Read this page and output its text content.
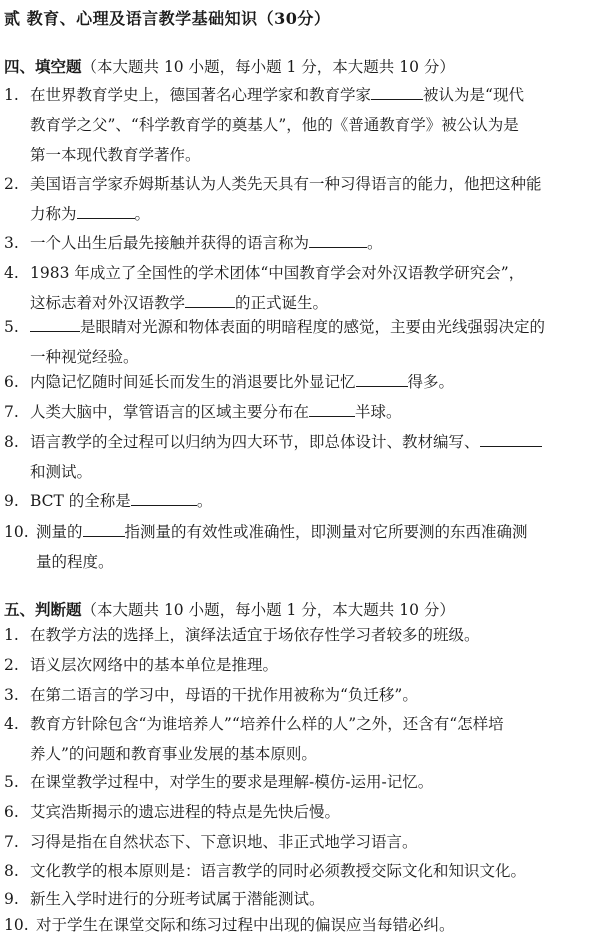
贰 教育、心理及语言教学基础知识（30分）
四、填空题（本大题共 10 小题，每小题 1 分，本大题共 10 分）
1. 在世界教育学史上，德国著名心理学家和教育学家	被认为是“现代
教育学之父”、“科学教育学的奠基人”，他的《普通教育学》被公认为是
第一本现代教育学著作。
2. 美国语言学家乔姆斯基认为人类先天具有一种习得语言的能力，他把这种能
力称为	。
3. 一个人出生后最先接触并获得的语言称为	。
4. 1983 年成立了全国性的学术团体“中国教育学会对外汉语教学研究会”，
这标志着对外汉语教学	的正式诞生。
5.	是眼睛对光源和物体表面的明暗程度的感觉，主要由光线强弱决定的
一种视觉经验。
6. 内隐记忆随时间延长而发生的消退要比外显记忆	得多。
7. 人类大脑中，掌管语言的区域主要分布在	半球。
8. 语言教学的全过程可以归纳为四大环节，即总体设计、教材编写、
和测试。
9. BCT 的全称是	。
10. 测量的	指测量的有效性或准确性，即测量对它所要测的东西准确测
量的程度。
五、判断题（本大题共 10 小题，每小题 1 分，本大题共 10 分）
1. 在教学方法的选择上，演绎法适宜于场依存性学习者较多的班级。
2. 语义层次网络中的基本单位是推理。
3. 在第二语言的学习中，母语的干扰作用被称为“负迁移”。
4. 教育方针除包含“为谁培养人”“培养什么样的人”之外，还含有“怎样培
养人”的问题和教育事业发展的基本原则。
5. 在课堂教学过程中，对学生的要求是理解-模仿-运用-记忆。
6. 艾宾浩斯揭示的遗忘进程的特点是先快后慢。
7. 习得是指在自然状态下、下意识地、非正式地学习语言。
8. 文化教学的根本原则是：语言教学的同时必须教授交际文化和知识文化。
9. 新生入学时进行的分班考试属于潜能测试。
10. 对于学生在课堂交际和练习过程中出现的偏误应当每错必纠。
